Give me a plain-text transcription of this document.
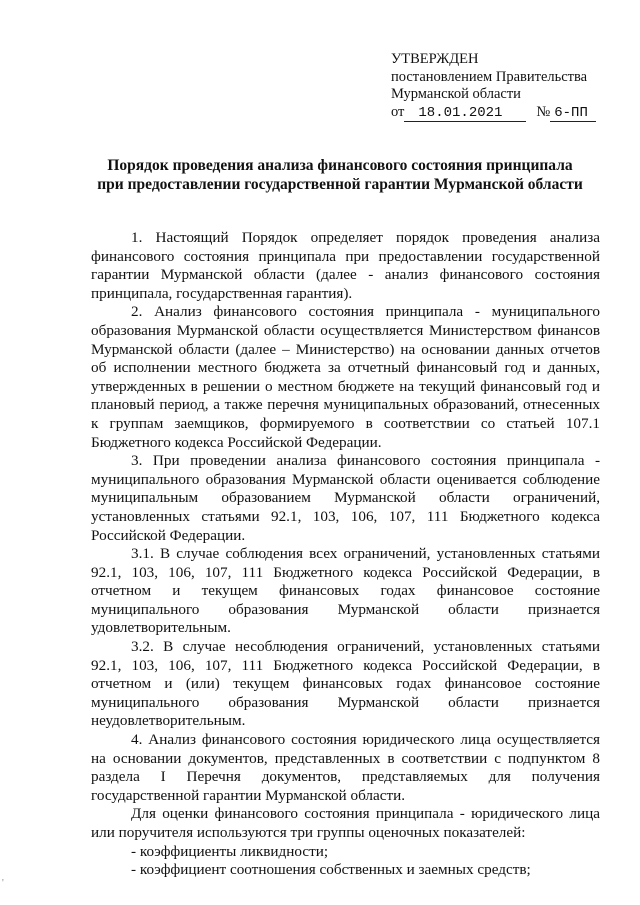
УТВЕРЖДЕН
постановлением Правительства
Мурманской области
от	18.01.2021	№ 6-ПП
Порядок проведения анализа финансового состояния принципала
при предоставлении государственной гарантии Мурманской области

1. Настоящий Порядок определяет порядок проведения анализа финансового состояния принципала при предоставлении государственной гарантии Мурманской области (далее - анализ финансового состояния принципала, государственная гарантия).

2. Анализ финансового состояния принципала - муниципального образования Мурманской области осуществляется Министерством финансов Мурманской области (далее – Министерство) на основании данных отчетов об исполнении местного бюджета за отчетный финансовый год и данных, утвержденных в решении о местном бюджете на текущий финансовый год и плановый период, а также перечня муниципальных образований, отнесенных к группам заемщиков, формируемого в соответствии со статьей 107.1 Бюджетного кодекса Российской Федерации.

3. При проведении анализа финансового состояния принципала - муниципального образования Мурманской области оценивается соблюдение муниципальным образованием Мурманской области ограничений, установленных статьями 92.1, 103, 106, 107, 111 Бюджетного кодекса Российской Федерации.

3.1. В случае соблюдения всех ограничений, установленных статьями 92.1, 103, 106, 107, 111 Бюджетного кодекса Российской Федерации, в отчетном и текущем финансовых годах финансовое состояние муниципального образования Мурманской области признается удовлетворительным.

3.2. В случае несоблюдения ограничений, установленных статьями 92.1, 103, 106, 107, 111 Бюджетного кодекса Российской Федерации, в отчетном и (или) текущем финансовых годах финансовое состояние муниципального образования Мурманской области признается неудовлетворительным.

4. Анализ финансового состояния юридического лица осуществляется на основании документов, представленных в соответствии с подпунктом 8 раздела I Перечня документов, представляемых для получения государственной гарантии Мурманской области.

Для оценки финансового состояния принципала - юридического лица или поручителя используются три группы оценочных показателей:

- коэффициенты ликвидности;

- коэффициент соотношения собственных и заемных средств;

'
